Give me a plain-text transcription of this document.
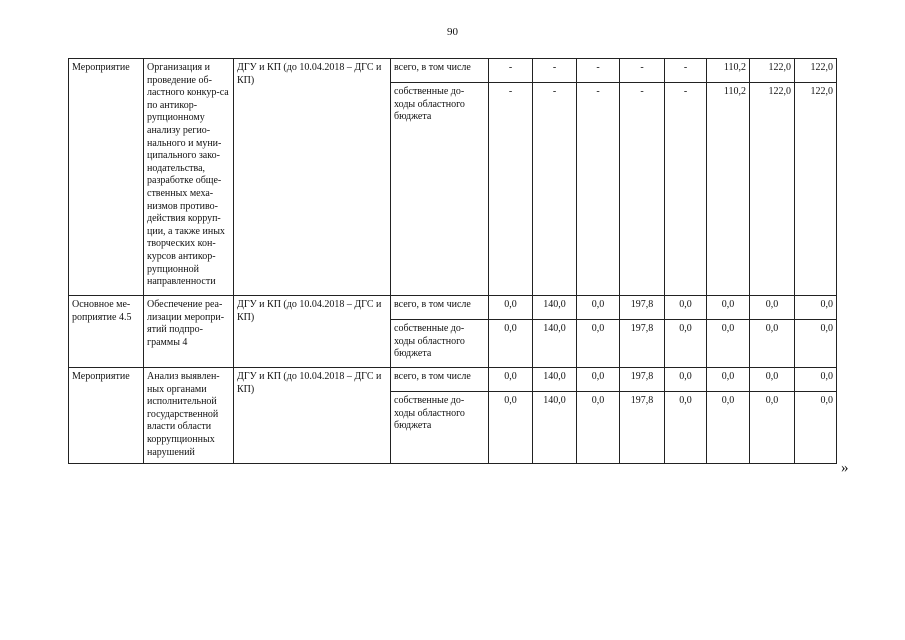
90
Мероприятие	Организация и проведение об-ластного конкур-са по антикор-рупционному анализу регио-нального и муни-ципального зако-нодательства, разработке обще-ственных меха-низмов противо-действия корруп-ции, а также иных творческих кон-курсов антикор-рупционной направленности	ДГУ и КП (до 10.04.2018 – ДГС и КП)	всего, в том числе	-	-	-	-	-	110,2	122,0	122,0
			собственные до-ходы областного бюджета	-	-	-	-	-	110,2	122,0	122,0
Основное ме-роприятие 4.5	Обеспечение реа-лизации меропри-ятий подпро-граммы 4	ДГУ и КП (до 10.04.2018 – ДГС и КП)	всего, в том числе	0,0	140,0	0,0	197,8	0,0	0,0	0,0	0,0
			собственные до-ходы областного бюджета	0,0	140,0	0,0	197,8	0,0	0,0	0,0	0,0
Мероприятие	Анализ выявлен-ных органами исполнительной государственной власти области коррупционных нарушений	ДГУ и КП (до 10.04.2018 – ДГС и КП)	всего, в том числе	0,0	140,0	0,0	197,8	0,0	0,0	0,0	0,0
			собственные до-ходы областного бюджета	0,0	140,0	0,0	197,8	0,0	0,0	0,0	0,0
»
